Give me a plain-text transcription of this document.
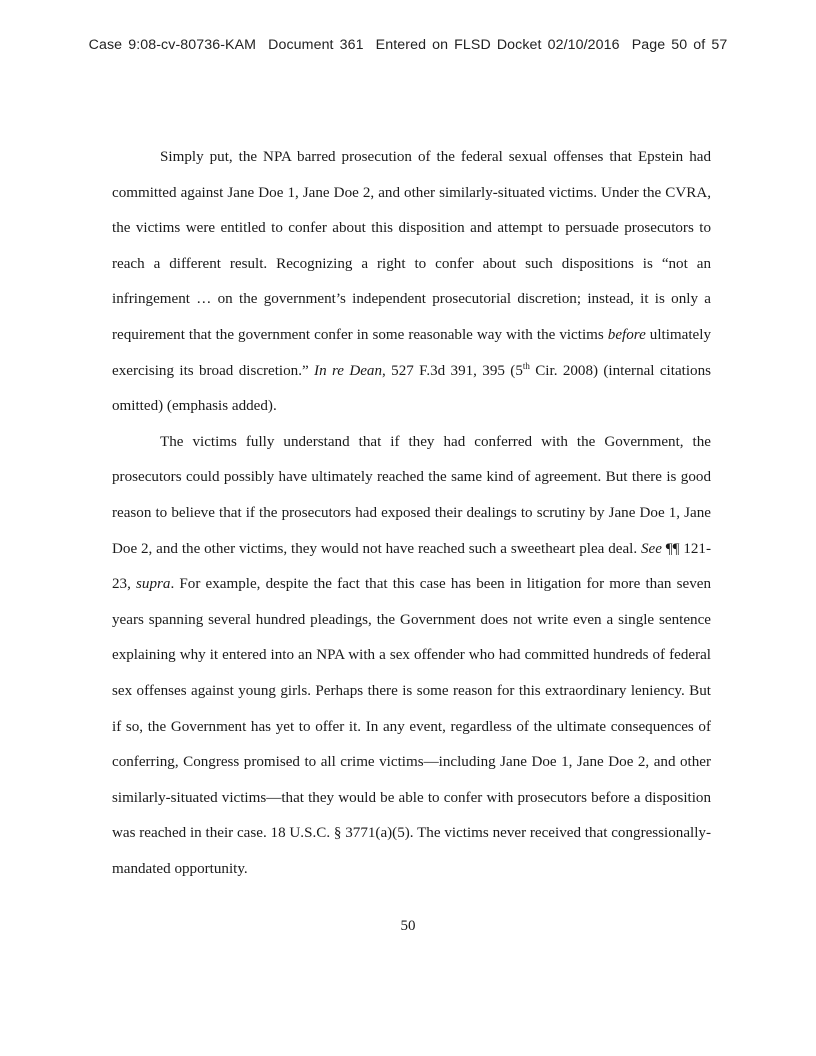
Case 9:08-cv-80736-KAM Document 361 Entered on FLSD Docket 02/10/2016 Page 50 of 57

Simply put, the NPA barred prosecution of the federal sexual offenses that Epstein had committed against Jane Doe 1, Jane Doe 2, and other similarly-situated victims. Under the CVRA, the victims were entitled to confer about this disposition and attempt to persuade prosecutors to reach a different result. Recognizing a right to confer about such dispositions is “not an infringement … on the government’s independent prosecutorial discretion; instead, it is only a requirement that the government confer in some reasonable way with the victims before ultimately exercising its broad discretion.” In re Dean, 527 F.3d 391, 395 (5th Cir. 2008) (internal citations omitted) (emphasis added).

The victims fully understand that if they had conferred with the Government, the prosecutors could possibly have ultimately reached the same kind of agreement. But there is good reason to believe that if the prosecutors had exposed their dealings to scrutiny by Jane Doe 1, Jane Doe 2, and the other victims, they would not have reached such a sweetheart plea deal. See ¶¶ 121-23, supra. For example, despite the fact that this case has been in litigation for more than seven years spanning several hundred pleadings, the Government does not write even a single sentence explaining why it entered into an NPA with a sex offender who had committed hundreds of federal sex offenses against young girls. Perhaps there is some reason for this extraordinary leniency. But if so, the Government has yet to offer it. In any event, regardless of the ultimate consequences of conferring, Congress promised to all crime victims—including Jane Doe 1, Jane Doe 2, and other similarly-situated victims—that they would be able to confer with prosecutors before a disposition was reached in their case. 18 U.S.C. § 3771(a)(5). The victims never received that congressionally-mandated opportunity.

50
